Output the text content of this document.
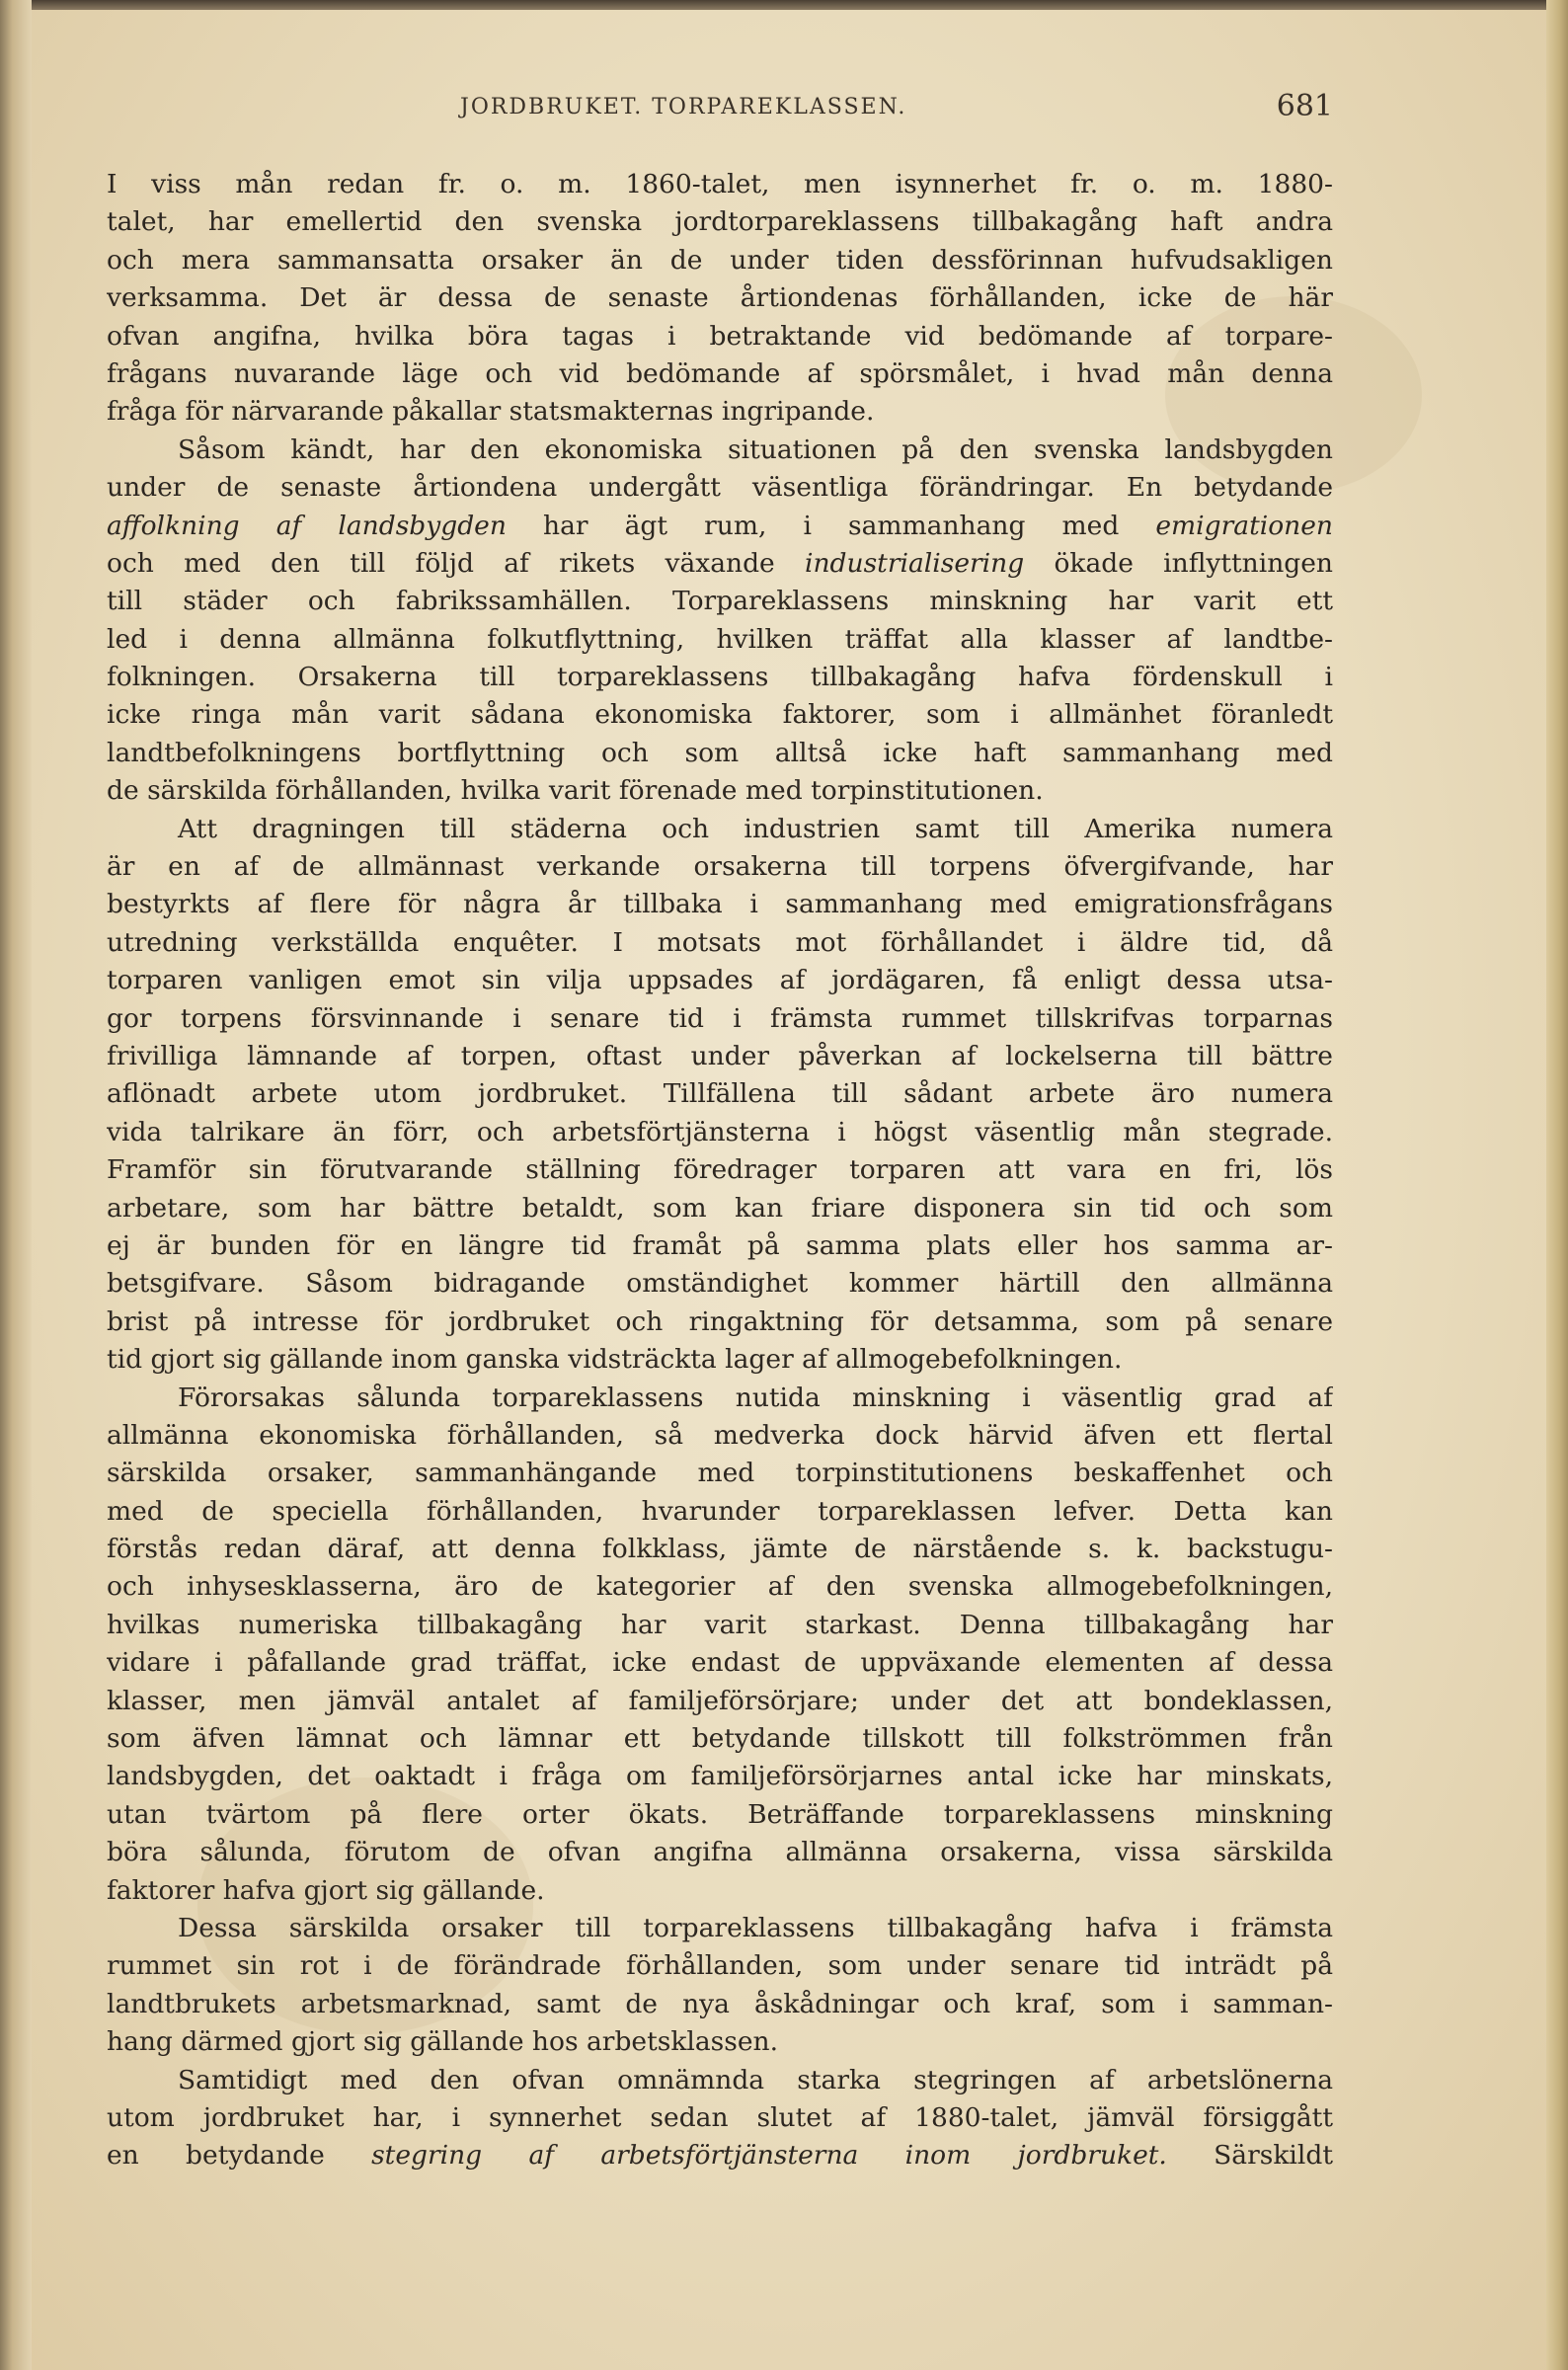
JORDBRUKET. TORPAREKLASSEN.	681
I viss mån redan fr. o. m. 1860-talet, men isynnerhet fr. o. m. 1880-
talet, har emellertid den svenska jordtorpareklassens tillbakagång haft andra
och mera sammansatta orsaker än de under tiden dessförinnan hufvudsakligen
verksamma. Det är dessa de senaste årtiondenas förhållanden, icke de här
ofvan angifna, hvilka böra tagas i betraktande vid bedömande af torpare-
frågans nuvarande läge och vid bedömande af spörsmålet, i hvad mån denna
fråga för närvarande påkallar statsmakternas ingripande.
Såsom kändt, har den ekonomiska situationen på den svenska landsbygden
under de senaste årtiondena undergått väsentliga förändringar. En betydande
affolkning af landsbygden har ägt rum, i sammanhang med emigrationen
och med den till följd af rikets växande industrialisering ökade inflyttningen
till städer och fabrikssamhällen. Torpareklassens minskning har varit ett
led i denna allmänna folkutflyttning, hvilken träffat alla klasser af landtbe-
folkningen. Orsakerna till torpareklassens tillbakagång hafva fördenskull i
icke ringa mån varit sådana ekonomiska faktorer, som i allmänhet föranledt
landtbefolkningens bortflyttning och som alltså icke haft sammanhang med
de särskilda förhållanden, hvilka varit förenade med torpinstitutionen.
Att dragningen till städerna och industrien samt till Amerika numera
är en af de allmännast verkande orsakerna till torpens öfvergifvande, har
bestyrkts af flere för några år tillbaka i sammanhang med emigrationsfrågans
utredning verkställda enquêter. I motsats mot förhållandet i äldre tid, då
torparen vanligen emot sin vilja uppsades af jordägaren, få enligt dessa utsa-
gor torpens försvinnande i senare tid i främsta rummet tillskrifvas torparnas
frivilliga lämnande af torpen, oftast under påverkan af lockelserna till bättre
aflönadt arbete utom jordbruket. Tillfällena till sådant arbete äro numera
vida talrikare än förr, och arbetsförtjänsterna i högst väsentlig mån stegrade.
Framför sin förutvarande ställning föredrager torparen att vara en fri, lös
arbetare, som har bättre betaldt, som kan friare disponera sin tid och som
ej är bunden för en längre tid framåt på samma plats eller hos samma ar-
betsgifvare. Såsom bidragande omständighet kommer härtill den allmänna
brist på intresse för jordbruket och ringaktning för detsamma, som på senare
tid gjort sig gällande inom ganska vidsträckta lager af allmogebefolkningen.
Förorsakas sålunda torpareklassens nutida minskning i väsentlig grad af
allmänna ekonomiska förhållanden, så medverka dock härvid äfven ett flertal
särskilda orsaker, sammanhängande med torpinstitutionens beskaffenhet och
med de speciella förhållanden, hvarunder torpareklassen lefver. Detta kan
förstås redan däraf, att denna folkklass, jämte de närstående s. k. backstugu-
och inhysesklasserna, äro de kategorier af den svenska allmogebefolkningen,
hvilkas numeriska tillbakagång har varit starkast. Denna tillbakagång har
vidare i påfallande grad träffat, icke endast de uppväxande elementen af dessa
klasser, men jämväl antalet af familjeförsörjare; under det att bondeklassen,
som äfven lämnat och lämnar ett betydande tillskott till folkströmmen från
landsbygden, det oaktadt i fråga om familjeförsörjarnes antal icke har minskats,
utan tvärtom på flere orter ökats. Beträffande torpareklassens minskning
böra sålunda, förutom de ofvan angifna allmänna orsakerna, vissa särskilda
faktorer hafva gjort sig gällande.
Dessa särskilda orsaker till torpareklassens tillbakagång hafva i främsta
rummet sin rot i de förändrade förhållanden, som under senare tid inträdt på
landtbrukets arbetsmarknad, samt de nya åskådningar och kraf, som i samman-
hang därmed gjort sig gällande hos arbetsklassen.
Samtidigt med den ofvan omnämnda starka stegringen af arbetslönerna
utom jordbruket har, i synnerhet sedan slutet af 1880-talet, jämväl försiggått
en betydande stegring af arbetsförtjänsterna inom jordbruket. Särskildt
